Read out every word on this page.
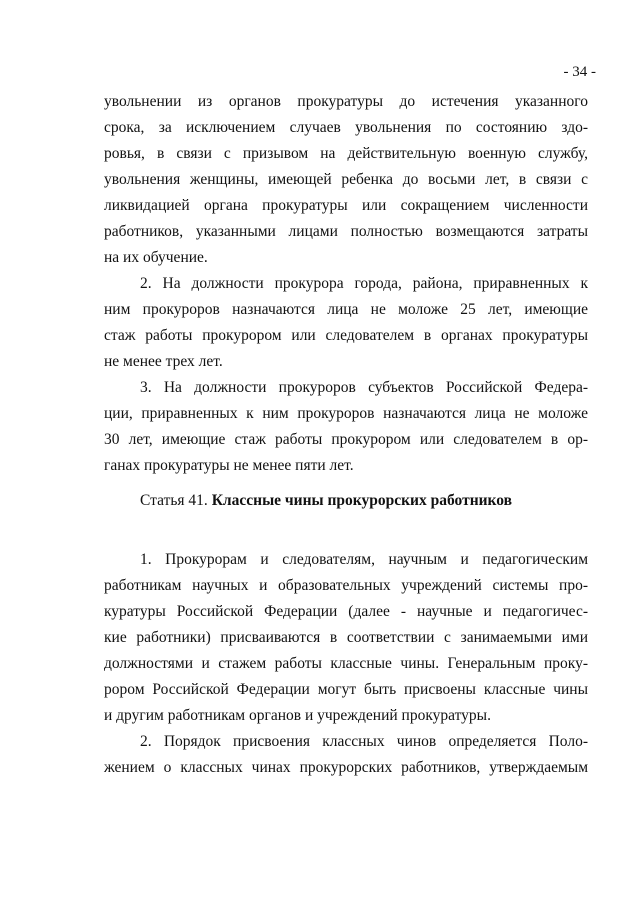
- 34 -
увольнении из органов прокуратуры до истечения указанного
срока, за исключением случаев увольнения по состоянию здо-
ровья, в связи с призывом на действительную военную службу,
увольнения женщины, имеющей ребенка до восьми лет, в связи с
ликвидацией органа прокуратуры или сокращением численности
работников, указанными лицами полностью возмещаются затраты
на их обучение.
2. На должности прокурора города, района, приравненных к
ним прокуроров назначаются лица не моложе 25 лет, имеющие
стаж работы прокурором или следователем в органах прокуратуры
не менее трех лет.
3. На должности прокуроров субъектов Российской Федера-
ции, приравненных к ним прокуроров назначаются лица не моложе
30 лет, имеющие стаж работы прокурором или следователем в ор-
ганах прокуратуры не менее пяти лет.
Статья 41. Классные чины прокурорских работников
1. Прокурорам и следователям, научным и педагогическим
работникам научных и образовательных учреждений системы про-
куратуры Российской Федерации (далее - научные и педагогичес-
кие работники) присваиваются в соответствии с занимаемыми ими
должностями и стажем работы классные чины. Генеральным проку-
рором Российской Федерации могут быть присвоены классные чины
и другим работникам органов и учреждений прокуратуры.
2. Порядок присвоения классных чинов определяется Поло-
жением о классных чинах прокурорских работников, утверждаемым
